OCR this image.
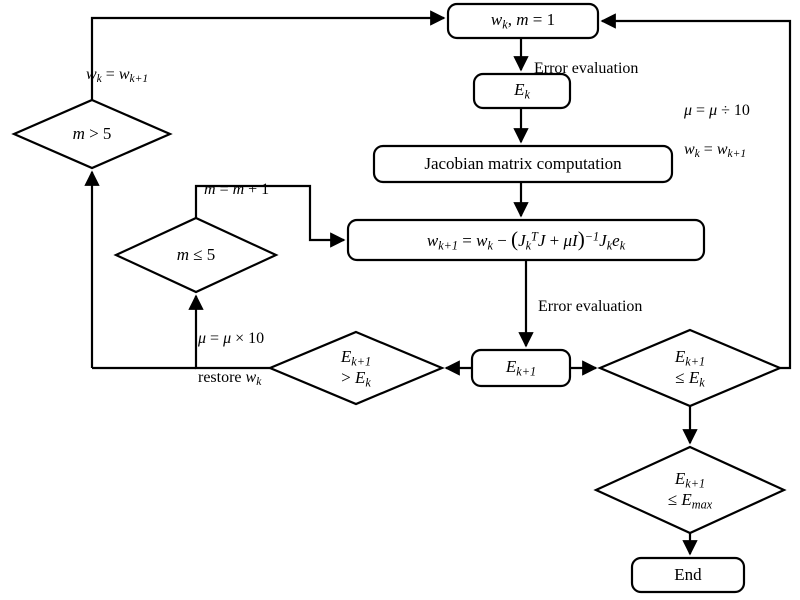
$w_k$, m = 1
$E_k$
Jacobian matrix computation
$w_{k+1} = w_k - (J_k^TJ + \mu I)^{-1}J_ke_k$
$E_{k+1}$
m > 5
m ≤ 5
$E_{k+1}$
> $E_k$
$E_{k+1}$
≤ $E_k$
$E_{k+1}$
≤ $E_{max}$
End

Error evaluation

Error evaluation

$w_k = w_{k+1}$

μ = μ ÷ 10

$w_k = w_{k+1}$

m = m + 1

μ = μ × 10

restore $w_k$
